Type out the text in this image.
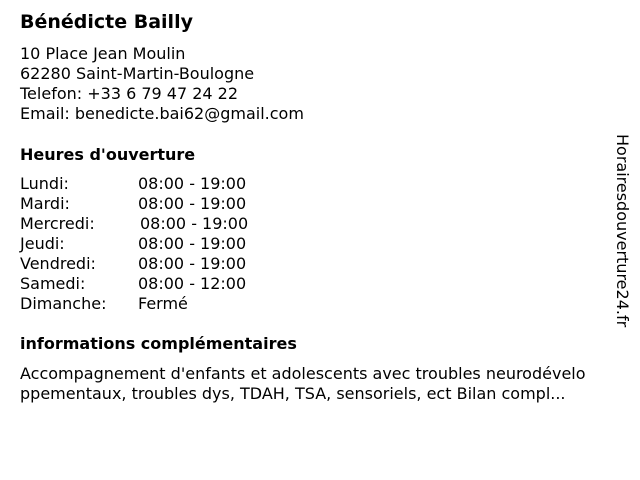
Bénédicte Bailly
10 Place Jean Moulin
62280 Saint-Martin-Boulogne
Telefon: +33 6 79 47 24 22
Email: benedicte.bai62@gmail.com
Heures d'ouverture
Lundi:	08:00 - 19:00
Mardi:	08:00 - 19:00
Mercredi:	08:00 - 19:00
Jeudi:	08:00 - 19:00
Vendredi:	08:00 - 19:00
Samedi:	08:00 - 12:00
Dimanche: Fermé
informations complémentaires
Accompagnement d'enfants et adolescents avec troubles neurodévelo
ppementaux, troubles dys, TDAH, TSA, sensoriels, ect Bilan compl...
Horairesdouverture24.fr
